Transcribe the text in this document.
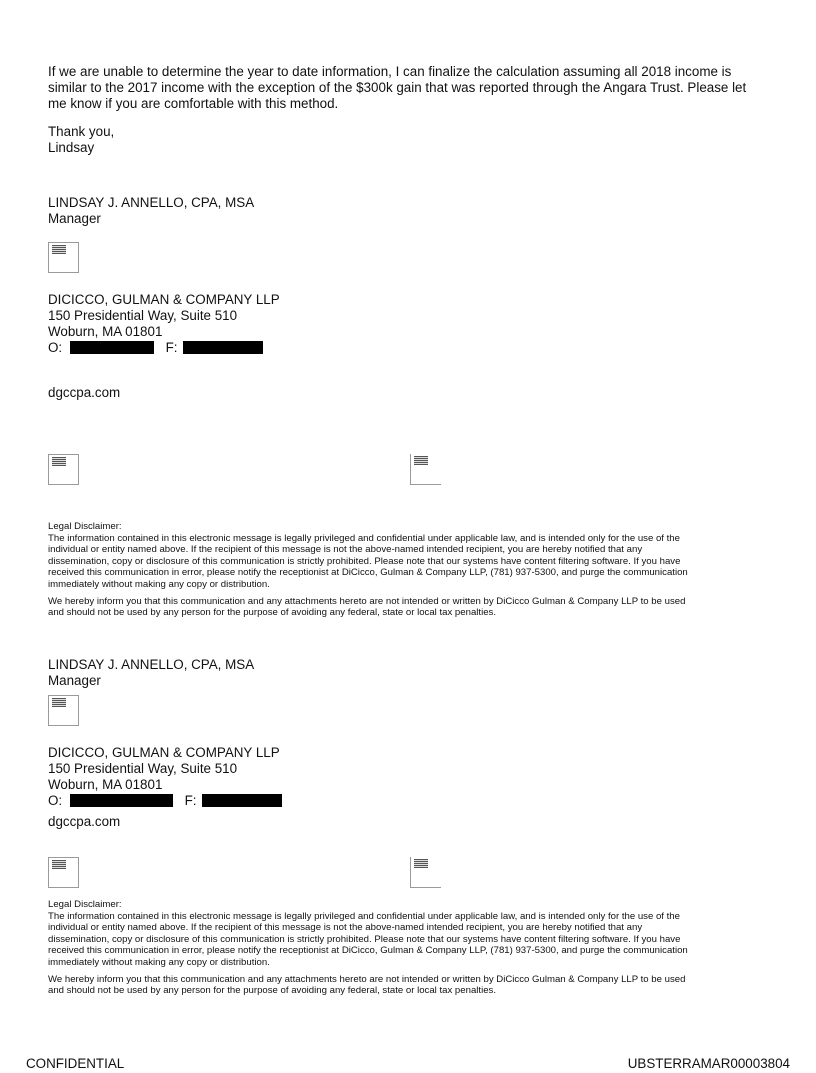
If we are unable to determine the year to date information, I can finalize the calculation assuming all 2018 income is
similar to the 2017 income with the exception of the $300k gain that was reported through the Angara Trust. Please let
me know if you are comfortable with this method.
Thank you,
Lindsay
LINDSAY J. ANNELLO, CPA, MSA
Manager
DICICCO, GULMAN & COMPANY LLP
150 Presidential Way, Suite 510
Woburn, MA 01801
O:	F:
dgccpa.com
Legal Disclaimer:
The information contained in this electronic message is legally privileged and confidential under applicable law, and is intended only for the use of the
individual or entity named above. If the recipient of this message is not the above-named intended recipient, you are hereby notified that any
dissemination, copy or disclosure of this communication is strictly prohibited. Please note that our systems have content filtering software. If you have
received this communication in error, please notify the receptionist at DiCicco, Gulman & Company LLP, (781) 937-5300, and purge the communication
immediately without making any copy or distribution.
We hereby inform you that this communication and any attachments hereto are not intended or written by DiCicco Gulman & Company LLP to be used
and should not be used by any person for the purpose of avoiding any federal, state or local tax penalties.
LINDSAY J. ANNELLO, CPA, MSA
Manager
DICICCO, GULMAN & COMPANY LLP
150 Presidential Way, Suite 510
Woburn, MA 01801
O:	F:
dgccpa.com
Legal Disclaimer:
The information contained in this electronic message is legally privileged and confidential under applicable law, and is intended only for the use of the
individual or entity named above. If the recipient of this message is not the above-named intended recipient, you are hereby notified that any
dissemination, copy or disclosure of this communication is strictly prohibited. Please note that our systems have content filtering software. If you have
received this communication in error, please notify the receptionist at DiCicco, Gulman & Company LLP, (781) 937-5300, and purge the communication
immediately without making any copy or distribution.
We hereby inform you that this communication and any attachments hereto are not intended or written by DiCicco Gulman & Company LLP to be used
and should not be used by any person for the purpose of avoiding any federal, state or local tax penalties.
CONFIDENTIAL	UBSTERRAMAR00003804
